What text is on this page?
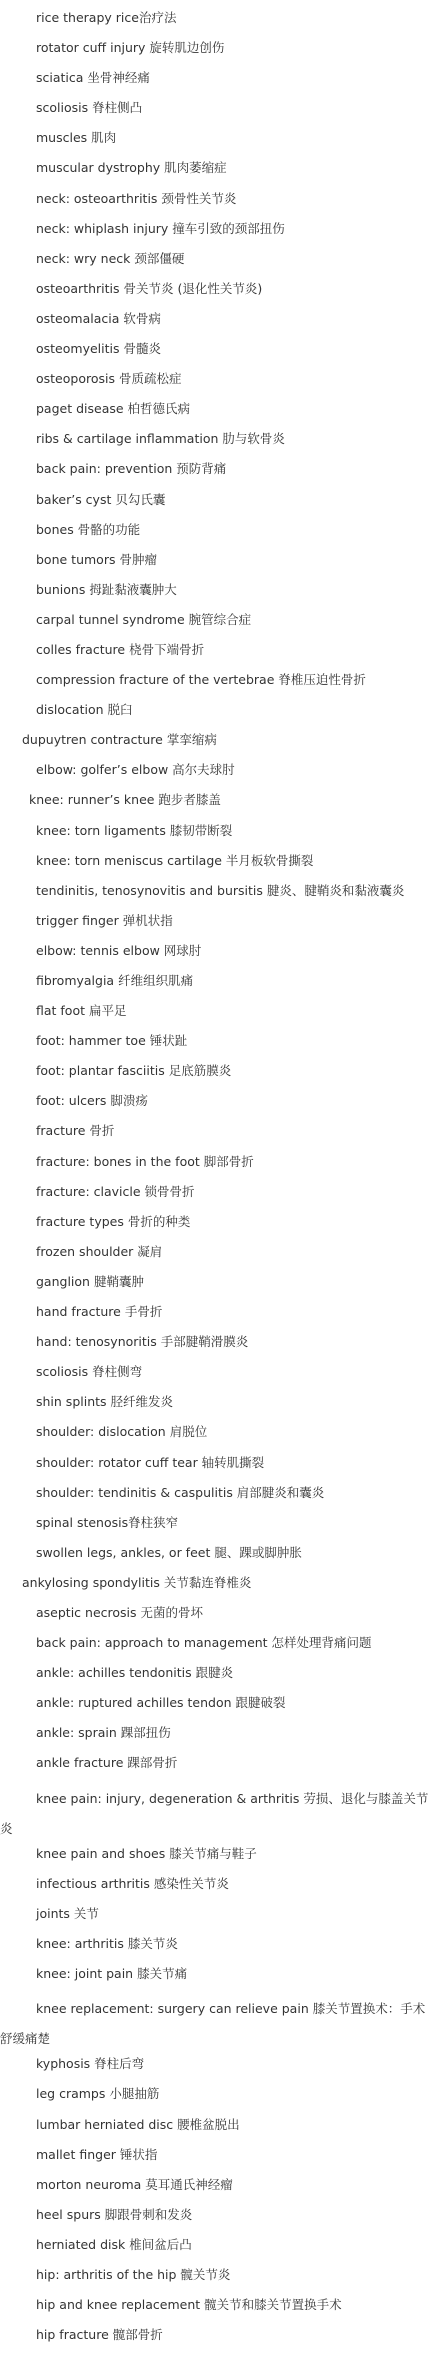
rice therapy rice治疗法
rotator cuff injury 旋转肌边创伤
sciatica 坐骨神经痛
scoliosis 脊柱侧凸
muscles 肌肉
muscular dystrophy 肌肉萎缩症
neck: osteoarthritis 颈骨性关节炎
neck: whiplash injury 撞车引致的颈部扭伤
neck: wry neck 颈部僵硬
osteoarthritis 骨关节炎 (退化性关节炎)
osteomalacia 软骨病
osteomyelitis 骨髓炎
osteoporosis 骨质疏松症
paget disease 柏哲德氏病
ribs & cartilage inflammation 肋与软骨炎
back pain: prevention 预防背痛
baker’s cyst 贝勾氏囊
bones 骨骼的功能
bone tumors 骨肿瘤
bunions 拇趾黏液囊肿大
carpal tunnel syndrome 腕管综合症
colles fracture 桡骨下端骨折
compression fracture of the vertebrae 脊椎压迫性骨折
dislocation 脱臼
dupuytren contracture 掌挛缩病
elbow: golfer’s elbow 高尔夫球肘
knee: runner’s knee 跑步者膝盖
knee: torn ligaments 膝韧带断裂
knee: torn meniscus cartilage 半月板软骨撕裂
tendinitis, tenosynovitis and bursitis 腱炎、腱鞘炎和黏液囊炎
trigger finger 弹机状指
elbow: tennis elbow 网球肘
fibromyalgia 纤维组织肌痛
flat foot 扁平足
foot: hammer toe 锤状趾
foot: plantar fasciitis 足底筋膜炎
foot: ulcers 脚溃疡
fracture 骨折
fracture: bones in the foot 脚部骨折
fracture: clavicle 锁骨骨折
fracture types 骨折的种类
frozen shoulder 凝肩
ganglion 腱鞘囊肿
hand fracture 手骨折
hand: tenosynoritis 手部腱鞘滑膜炎
scoliosis 脊柱侧弯
shin splints 胫纤维发炎
shoulder: dislocation 肩脱位
shoulder: rotator cuff tear 轴转肌撕裂
shoulder: tendinitis & caspulitis 肩部腱炎和囊炎
spinal stenosis脊柱狭窄
swollen legs, ankles, or feet 腿、踝或脚肿胀
ankylosing spondylitis 关节黏连脊椎炎
aseptic necrosis 无菌的骨坏
back pain: approach to management 怎样处理背痛问题
ankle: achilles tendonitis 跟腱炎
ankle: ruptured achilles tendon 跟腱破裂
ankle: sprain 踝部扭伤
ankle fracture 踝部骨折
knee pain: injury, degeneration & arthritis 劳损、退化与膝盖关节炎
knee pain and shoes 膝关节痛与鞋子
infectious arthritis 感染性关节炎
joints 关节
knee: arthritis 膝关节炎
knee: joint pain 膝关节痛
knee replacement: surgery can relieve pain 膝关节置换术：手术舒缓痛楚
kyphosis 脊柱后弯
leg cramps 小腿抽筋
lumbar herniated disc 腰椎盆脱出
mallet finger 锤状指
morton neuroma 莫耳通氏神经瘤
heel spurs 脚跟骨刺和发炎
herniated disk 椎间盆后凸
hip: arthritis of the hip 髋关节炎
hip and knee replacement 髋关节和膝关节置换手术
hip fracture 髋部骨折
